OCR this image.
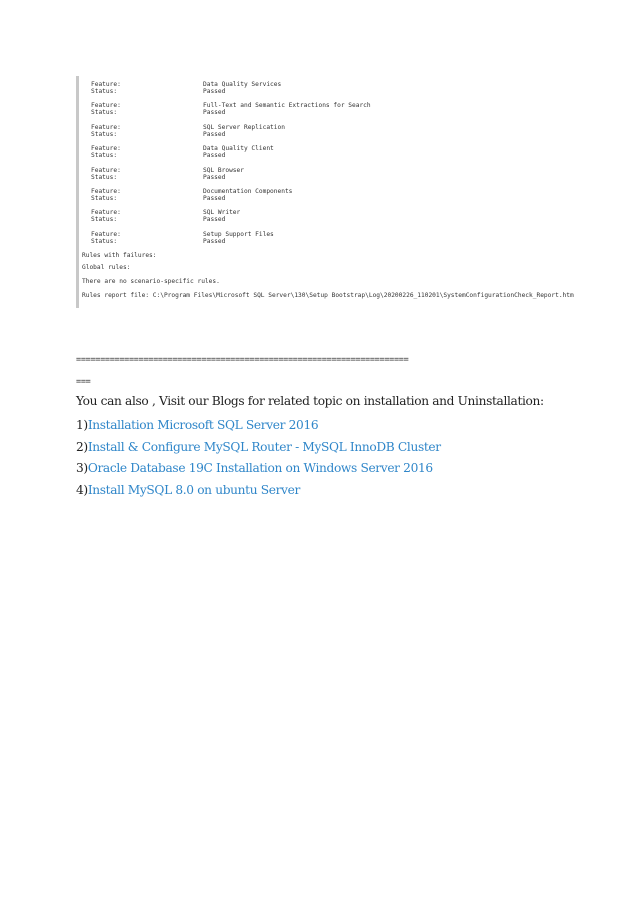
Feature:	Data Quality Services
Status:	Passed
Feature:	Full-Text and Semantic Extractions for Search
Status:	Passed
Feature:	SQL Server Replication
Status:	Passed
Feature:	Data Quality Client
Status:	Passed
Feature:	SQL Browser
Status:	Passed
Feature:	Documentation Components
Status:	Passed
Feature:	SQL Writer
Status:	Passed
Feature:	Setup Support Files
Status:	Passed
Rules with failures:
Global rules:
There are no scenario-specific rules.
Rules report file: C:\Program Files\Microsoft SQL Server\130\Setup Bootstrap\Log\20200226_110201\SystemConfigurationCheck_Report.htm
=====================================================================
===
You can also , Visit our Blogs for related topic on installation and Uninstallation:
1)Installation Microsoft SQL Server 2016
2)Install & Configure MySQL Router - MySQL InnoDB Cluster
3)Oracle Database 19C Installation on Windows Server 2016
4)Install MySQL 8.0 on ubuntu Server
